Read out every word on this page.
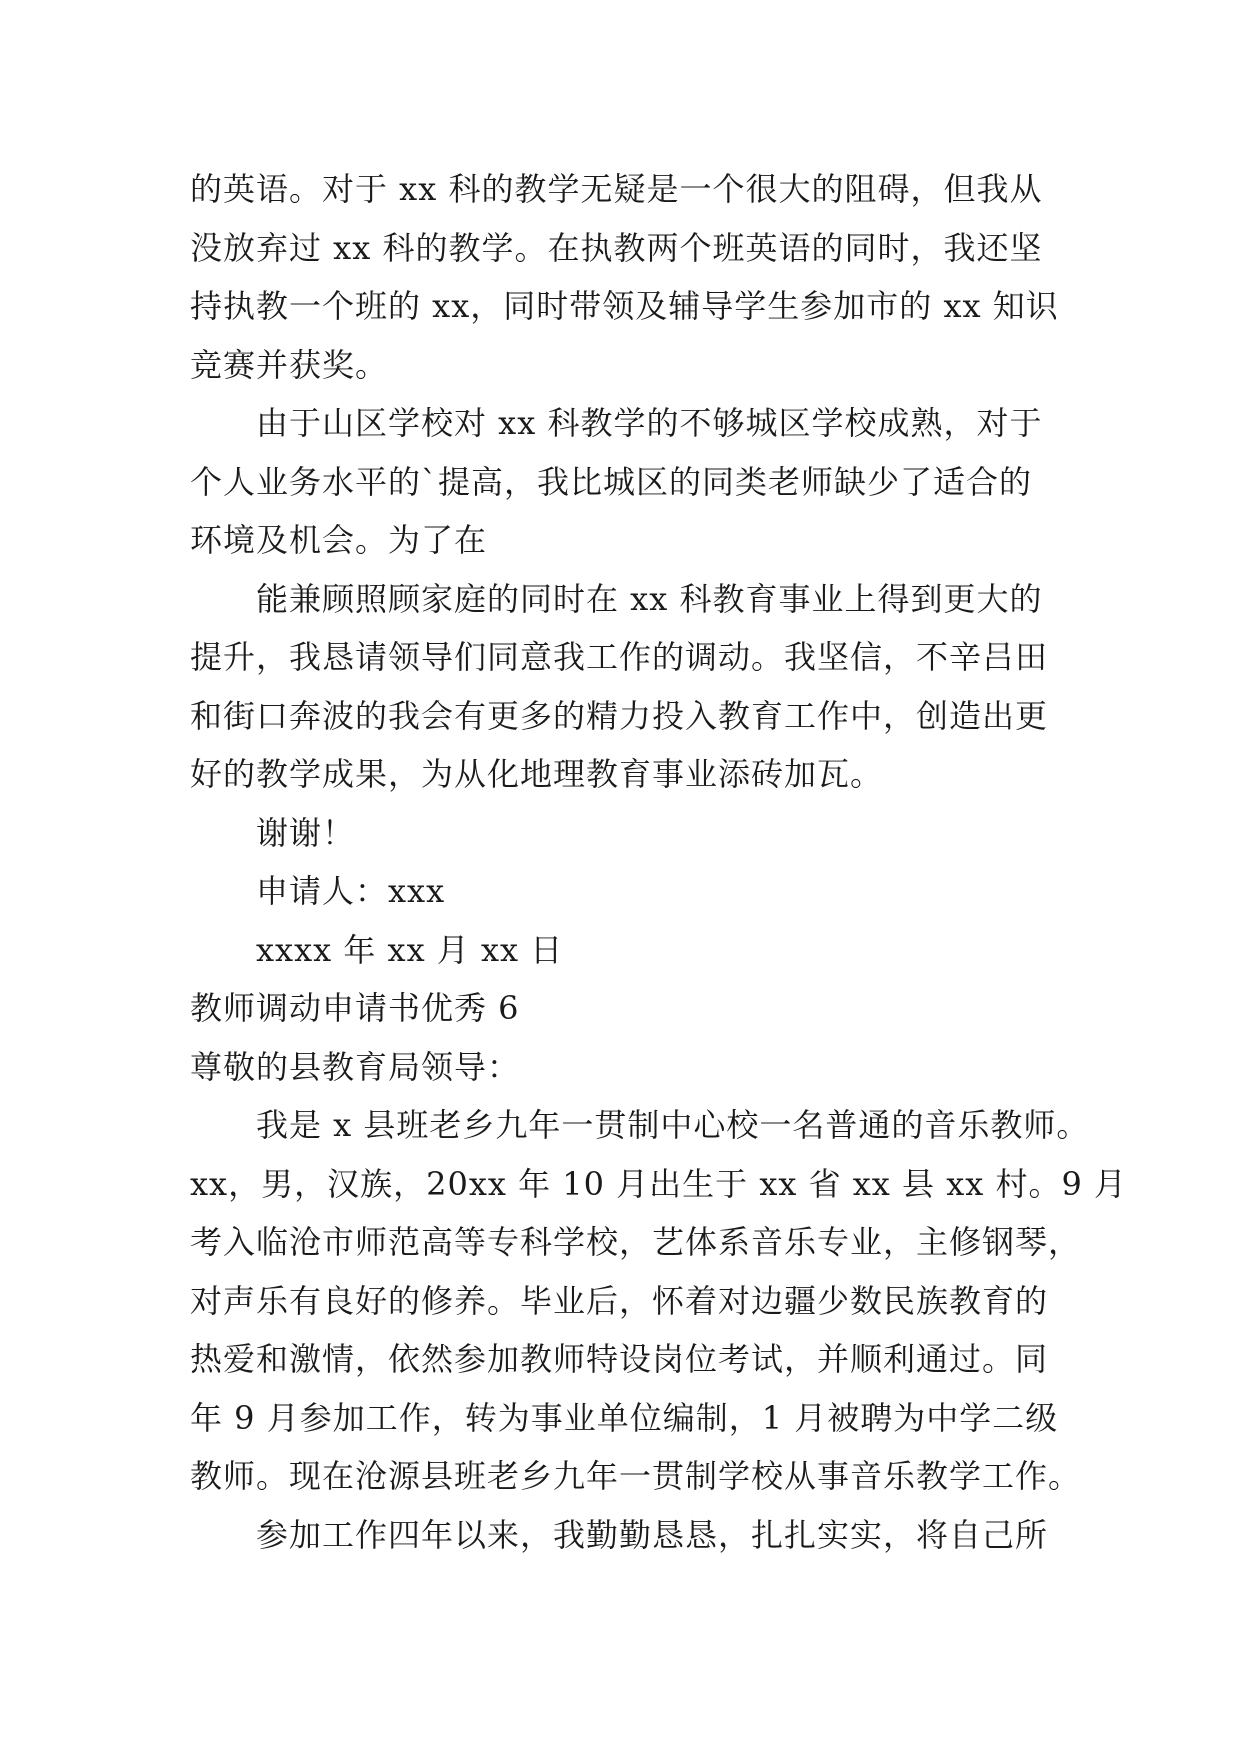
的英语。对于 xx 科的教学无疑是一个很大的阻碍，但我从
没放弃过 xx 科的教学。在执教两个班英语的同时，我还坚
持执教一个班的 xx，同时带领及辅导学生参加市的 xx 知识
竞赛并获奖。
由于山区学校对 xx 科教学的不够城区学校成熟，对于
个人业务水平的`提高，我比城区的同类老师缺少了适合的
环境及机会。为了在
能兼顾照顾家庭的同时在 xx 科教育事业上得到更大的
提升，我恳请领导们同意我工作的调动。我坚信，不辛吕田
和街口奔波的我会有更多的精力投入教育工作中，创造出更
好的教学成果，为从化地理教育事业添砖加瓦。
谢谢！
申请人：xxx
xxxx 年 xx 月 xx 日
教师调动申请书优秀 6
尊敬的县教育局领导：
我是 x 县班老乡九年一贯制中心校一名普通的音乐教师。
xx，男，汉族，20xx 年 10 月出生于 xx 省 xx 县 xx 村。9 月
考入临沧市师范高等专科学校，艺体系音乐专业，主修钢琴，
对声乐有良好的修养。毕业后，怀着对边疆少数民族教育的
热爱和激情，依然参加教师特设岗位考试，并顺利通过。同
年 9 月参加工作，转为事业单位编制，1 月被聘为中学二级
教师。现在沧源县班老乡九年一贯制学校从事音乐教学工作。
参加工作四年以来，我勤勤恳恳，扎扎实实，将自己所
